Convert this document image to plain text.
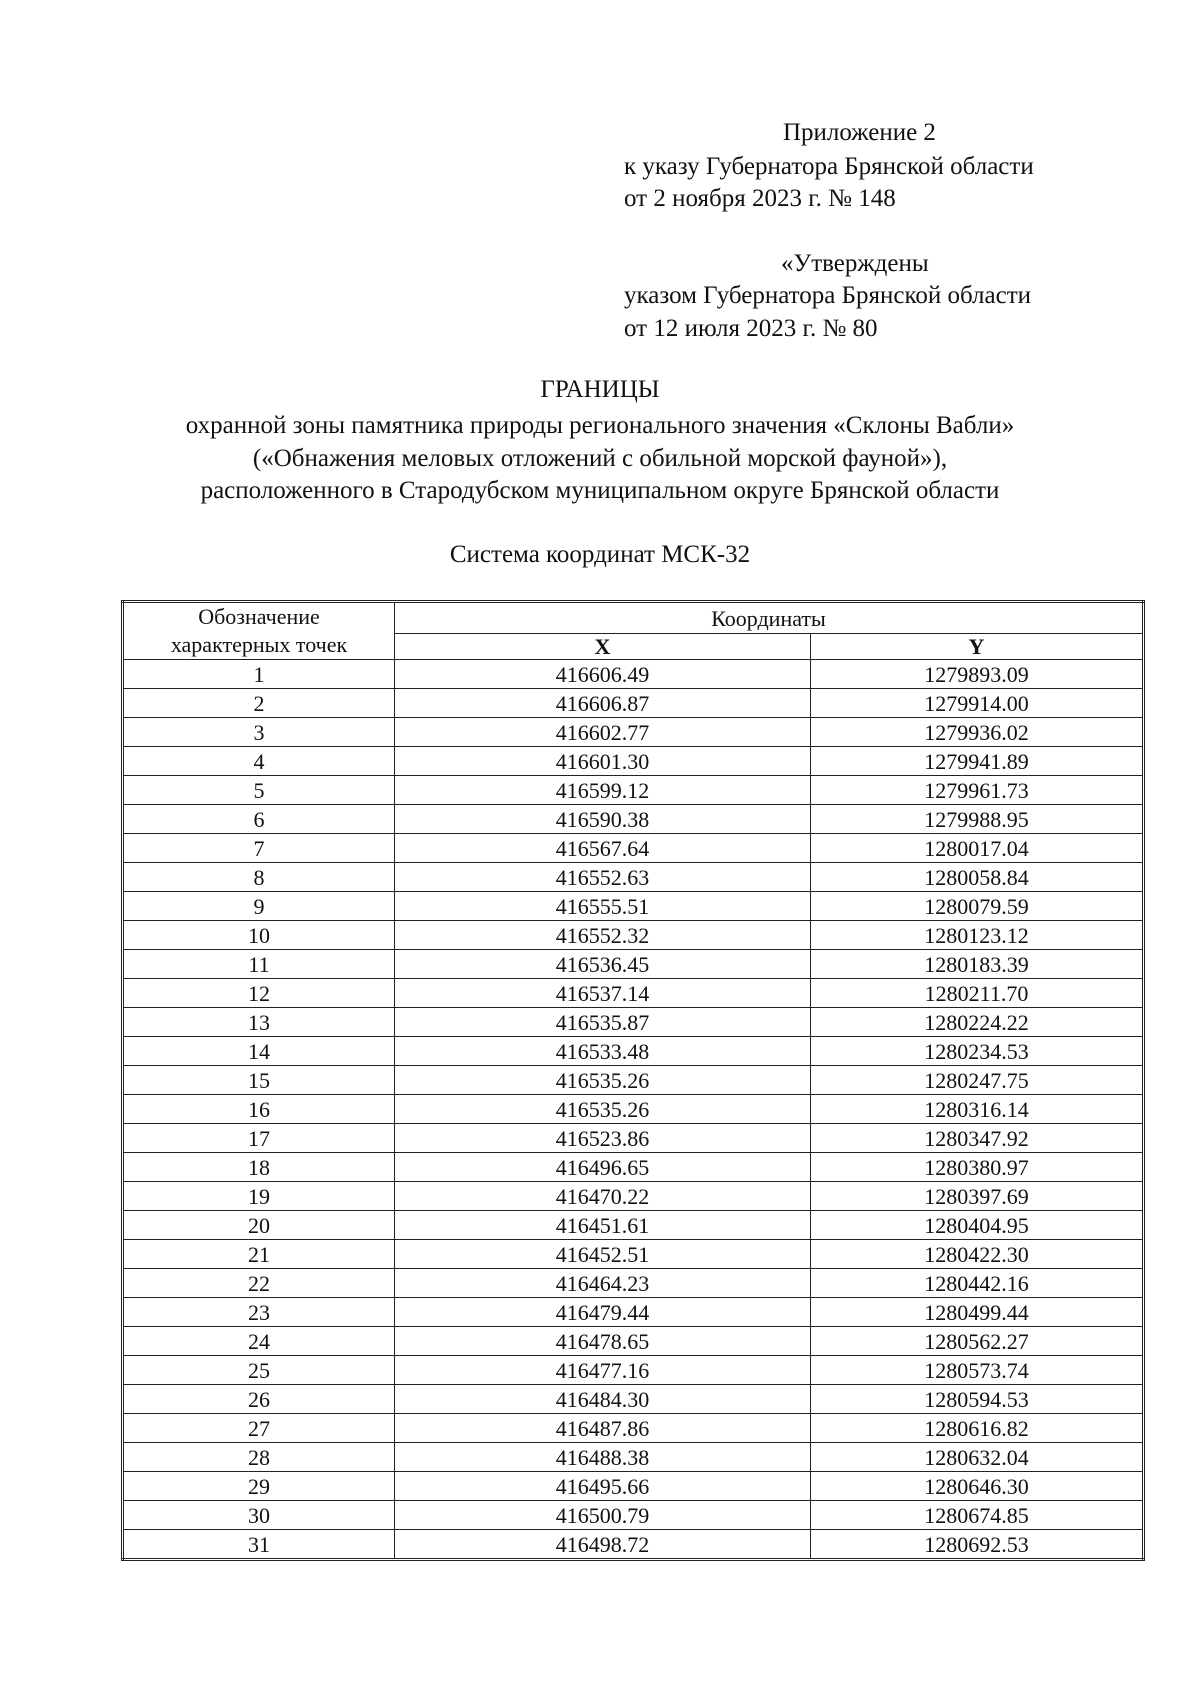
Приложение 2
к указу Губернатора Брянской области
от 2 ноября 2023 г. № 148
«Утверждены
указом Губернатора Брянской области
от 12 июля 2023 г. № 80
ГРАНИЦЫ
охранной зоны памятника природы регионального значения «Склоны Вабли»
(«Обнажения меловых отложений с обильной морской фауной»),
расположенного в Стародубском муниципальном округе Брянской области
Система координат МСК-32
Обозначение
характерных точек	Координаты	
	X	Y
1	416606.49	1279893.09
2	416606.87	1279914.00
3	416602.77	1279936.02
4	416601.30	1279941.89
5	416599.12	1279961.73
6	416590.38	1279988.95
7	416567.64	1280017.04
8	416552.63	1280058.84
9	416555.51	1280079.59
10	416552.32	1280123.12
11	416536.45	1280183.39
12	416537.14	1280211.70
13	416535.87	1280224.22
14	416533.48	1280234.53
15	416535.26	1280247.75
16	416535.26	1280316.14
17	416523.86	1280347.92
18	416496.65	1280380.97
19	416470.22	1280397.69
20	416451.61	1280404.95
21	416452.51	1280422.30
22	416464.23	1280442.16
23	416479.44	1280499.44
24	416478.65	1280562.27
25	416477.16	1280573.74
26	416484.30	1280594.53
27	416487.86	1280616.82
28	416488.38	1280632.04
29	416495.66	1280646.30
30	416500.79	1280674.85
31	416498.72	1280692.53
